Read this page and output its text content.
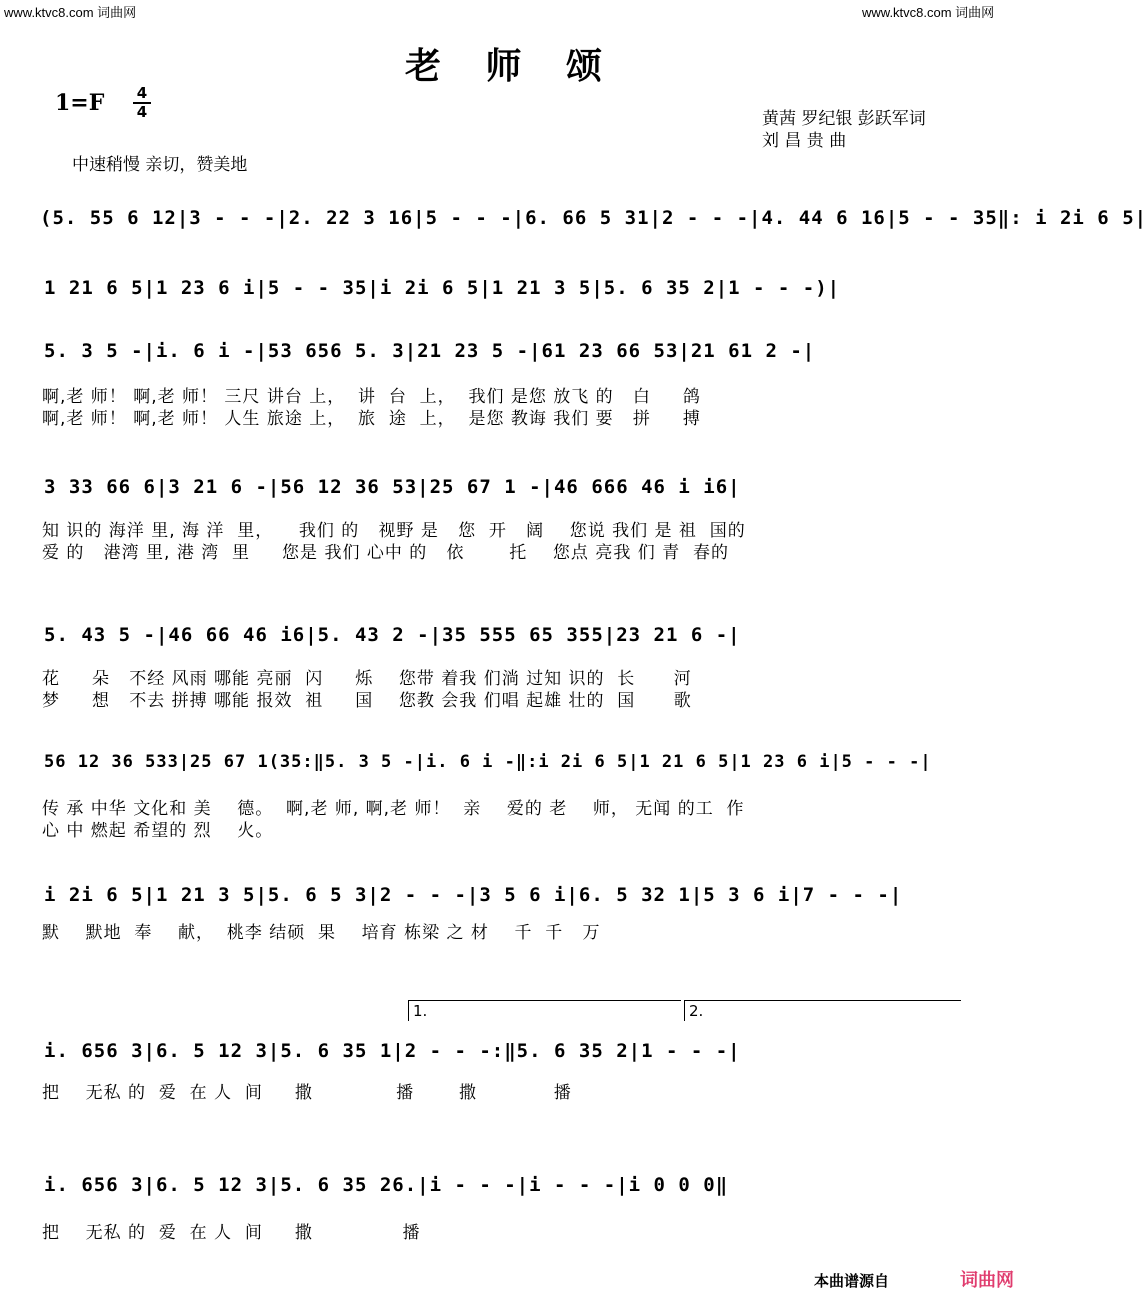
www.ktvc8.com 词曲网	www.ktvc8.com 词曲网
老 师 颂
1=F 4
4	黄茜 罗纪银 彭跃军词
刘 昌 贵 曲
中速稍慢 亲切，赞美地
(5. 55 6 12|3 - - -|2. 22 3 16|5 - - -|6. 66 5 31|2 - - -|4. 44 6 16|5 - - 35‖: i 2i 6 5|
1 21 6 5|1 23 6 i|5 - - 35|i 2i 6 5|1 21 3 5|5. 6 35 2|1 - - -)|
5. 3 5 -|i. 6 i -|53 656 5. 3|21 23 5 -|61 23 66 53|21 61 2 -|
啊,老 师！ 啊,老 师！ 三尺 讲台 上，  讲  台  上，  我们 是您 放飞 的   白     鸽
啊,老 师！ 啊,老 师！ 人生 旅途 上，  旅  途  上，  是您 教诲 我们 要   拼     搏
3 33 66 6|3 21 6 -|56 12 36 53|25 67 1 -|46 666 46 i i6|
知 识的 海洋 里, 海 洋  里，    我们 的   视野 是   您  开   阔    您说 我们 是 祖  国的
爱 的   港湾 里, 港 湾  里     您是 我们 心中 的   依       托    您点 亮我 们 青  春的
5. 43 5 -|46 66 46 i6|5. 43 2 -|35 555 65 355|23 21 6 -|
花     朵   不经 风雨 哪能 亮丽  闪     烁    您带 着我 们淌 过知 识的  长      河
梦     想   不去 拼搏 哪能 报效  祖     国    您教 会我 们唱 起雄 壮的  国      歌
56 12 36 533|25 67 1(35:‖5. 3 5 -|i. 6 i -‖:i 2i 6 5|1 21 6 5|1 23 6 i|5 - - -|
传 承 中华 文化和 美    德。  啊,老 师, 啊,老 师！  亲    爱的 老    师， 无闻 的工  作
心 中 燃起 希望的 烈    火。
i 2i 6 5|1 21 3 5|5. 6 5 3|2 - - -|3 5 6 i|6. 5 32 1|5 3 6 i|7 - - -|
默    默地  奉    献，  桃李 结硕  果    培育 栋梁 之 材    千  千   万
1.	2.
i. 656 3|6. 5 12 3|5. 6 35 1|2 - - -:‖5. 6 35 2|1 - - -|
把    无私 的  爱  在 人  间     撒             播       撒            播
i. 656 3|6. 5 12 3|5. 6 35 26.|i - - -|i - - -|i 0 0 0‖
把    无私 的  爱  在 人  间     撒              播
本曲谱源自	词曲网
